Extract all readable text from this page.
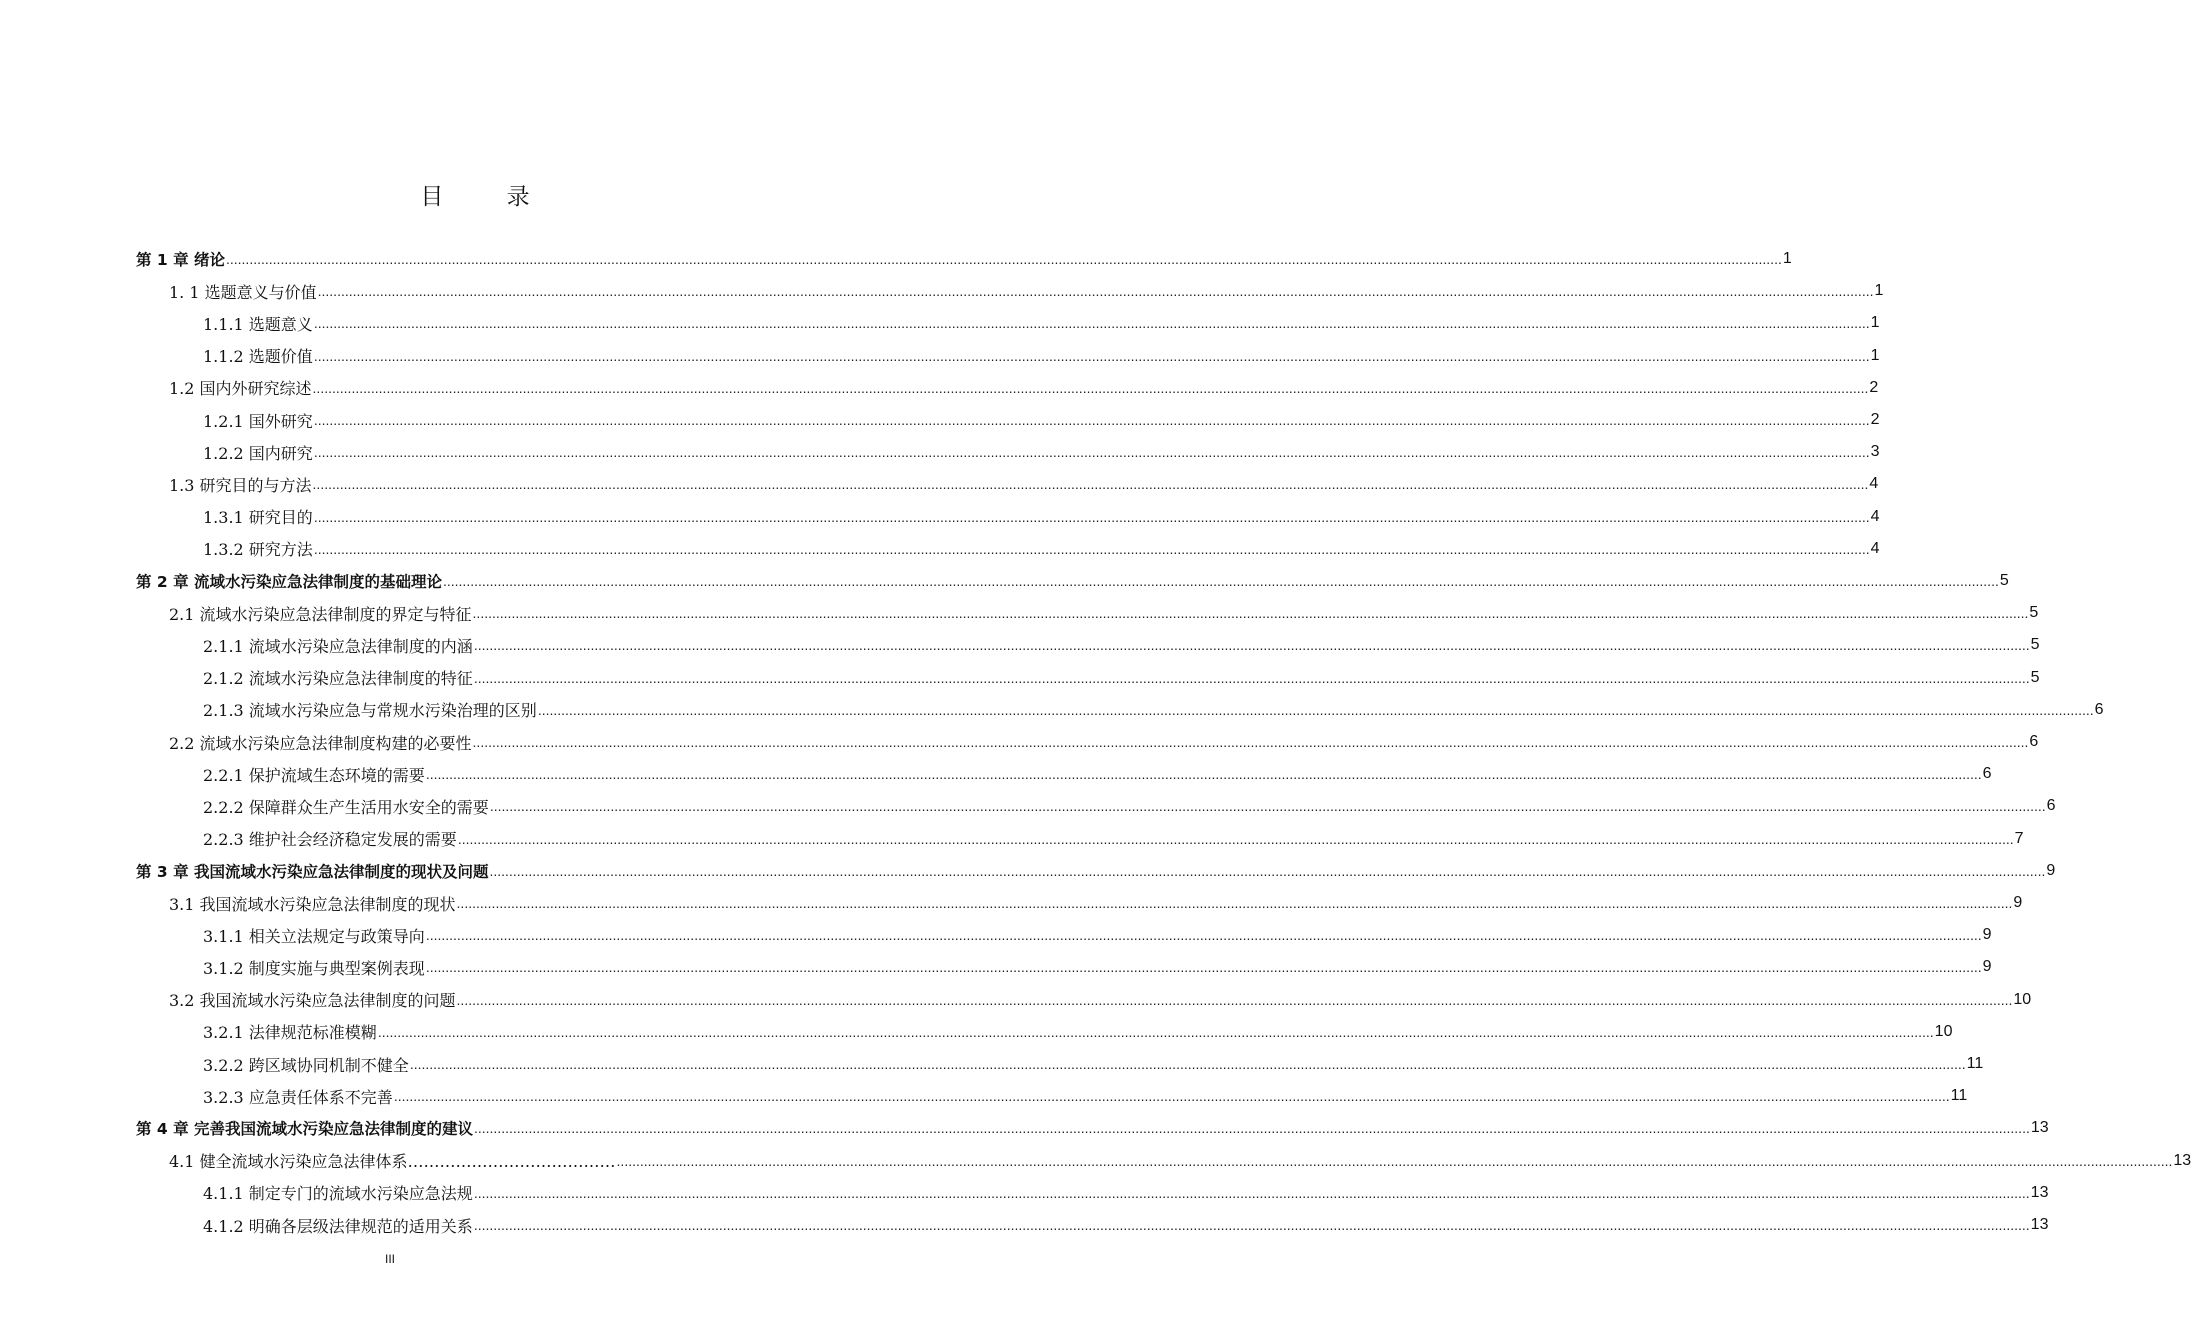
目 录
第 1 章 绪论 ................................................................................................................................................................................................................................................................................................................................................................................................................ 1
1. 1 选题意义与价值 ................................................................................................................................................................................................................................................................................................................................................................................................................ 1
1.1.1 选题意义 ................................................................................................................................................................................................................................................................................................................................................................................................................ 1
1.1.2 选题价值 ................................................................................................................................................................................................................................................................................................................................................................................................................ 1
1.2 国内外研究综述 ................................................................................................................................................................................................................................................................................................................................................................................................................ 2
1.2.1 国外研究 ................................................................................................................................................................................................................................................................................................................................................................................................................ 2
1.2.2 国内研究 ................................................................................................................................................................................................................................................................................................................................................................................................................ 3
1.3 研究目的与方法 ................................................................................................................................................................................................................................................................................................................................................................................................................ 4
1.3.1 研究目的 ................................................................................................................................................................................................................................................................................................................................................................................................................ 4
1.3.2 研究方法 ................................................................................................................................................................................................................................................................................................................................................................................................................ 4
第 2 章 流域水污染应急法律制度的基础理论 ................................................................................................................................................................................................................................................................................................................................................................................................................ 5
2.1 流域水污染应急法律制度的界定与特征 ................................................................................................................................................................................................................................................................................................................................................................................................................ 5
2.1.1 流域水污染应急法律制度的内涵 ................................................................................................................................................................................................................................................................................................................................................................................................................ 5
2.1.2 流域水污染应急法律制度的特征 ................................................................................................................................................................................................................................................................................................................................................................................................................ 5
2.1.3 流域水污染应急与常规水污染治理的区别 ................................................................................................................................................................................................................................................................................................................................................................................................................ 6
2.2 流域水污染应急法律制度构建的必要性 ................................................................................................................................................................................................................................................................................................................................................................................................................ 6
2.2.1 保护流域生态环境的需要 ................................................................................................................................................................................................................................................................................................................................................................................................................ 6
2.2.2 保障群众生产生活用水安全的需要 ................................................................................................................................................................................................................................................................................................................................................................................................................ 6
2.2.3 维护社会经济稳定发展的需要 ................................................................................................................................................................................................................................................................................................................................................................................................................ 7
第 3 章 我国流域水污染应急法律制度的现状及问题 ................................................................................................................................................................................................................................................................................................................................................................................................................ 9
3.1 我国流域水污染应急法律制度的现状 ................................................................................................................................................................................................................................................................................................................................................................................................................ 9
3.1.1 相关立法规定与政策导向 ................................................................................................................................................................................................................................................................................................................................................................................................................ 9
3.1.2 制度实施与典型案例表现 ................................................................................................................................................................................................................................................................................................................................................................................................................ 9
3.2 我国流域水污染应急法律制度的问题 ................................................................................................................................................................................................................................................................................................................................................................................................................ 10
3.2.1 法律规范标准模糊 ................................................................................................................................................................................................................................................................................................................................................................................................................ 10
3.2.2 跨区域协同机制不健全 ................................................................................................................................................................................................................................................................................................................................................................................................................ 11
3.2.3 应急责任体系不完善 ................................................................................................................................................................................................................................................................................................................................................................................................................ 11
第 4 章 完善我国流域水污染应急法律制度的建议 ................................................................................................................................................................................................................................................................................................................................................................................................................ 13
4.1 健全流域水污染应急法律体系………………………………… ................................................................................................................................................................................................................................................................................................................................................................................................................ 13
4.1.1 制定专门的流域水污染应急法规 ................................................................................................................................................................................................................................................................................................................................................................................................................ 13
4.1.2 明确各层级法律规范的适用关系 ................................................................................................................................................................................................................................................................................................................................................................................................................ 13
III
